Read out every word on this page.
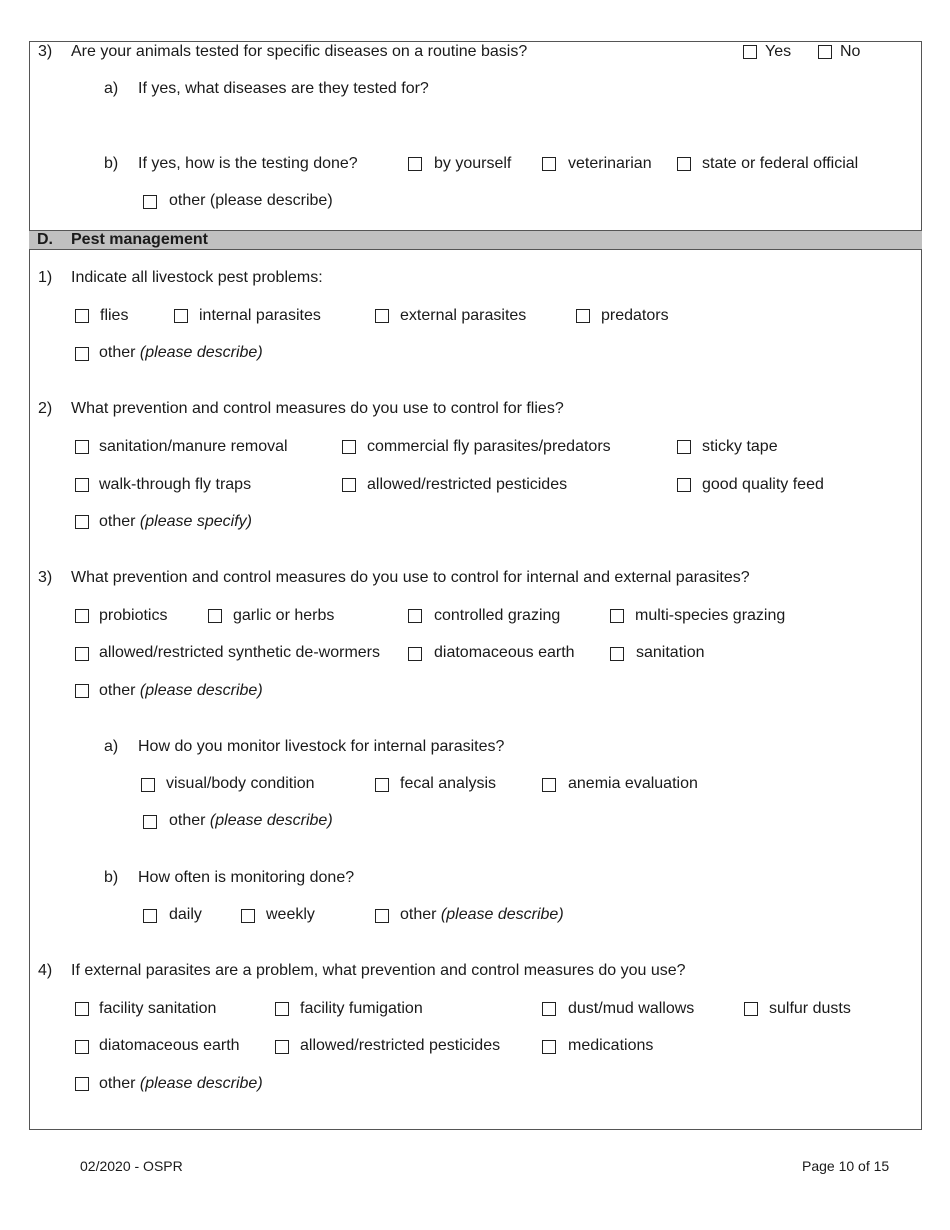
3) Are your animals tested for specific diseases on a routine basis?	Yes	No
a) If yes, what diseases are they tested for?
b) If yes, how is the testing done?	by yourself	veterinarian	state or federal official
other (please describe)
D. Pest management
1) Indicate all livestock pest problems:
flies	internal parasites	external parasites	predators
other (please describe)
2) What prevention and control measures do you use to control for flies?
sanitation/manure removal	commercial fly parasites/predators	sticky tape
walk-through fly traps	allowed/restricted pesticides	good quality feed
other (please specify)
3) What prevention and control measures do you use to control for internal and external parasites?
probiotics	garlic or herbs	controlled grazing	multi-species grazing
allowed/restricted synthetic de-wormers	diatomaceous earth	sanitation
other (please describe)
a) How do you monitor livestock for internal parasites?
visual/body condition	fecal analysis	anemia evaluation
other (please describe)
b) How often is monitoring done?
daily	weekly	other (please describe)
4) If external parasites are a problem, what prevention and control measures do you use?
facility sanitation	facility fumigation	dust/mud wallows	sulfur dusts
diatomaceous earth	allowed/restricted pesticides	medications
other (please describe)
02/2020 - OSPR	Page 10 of 15
